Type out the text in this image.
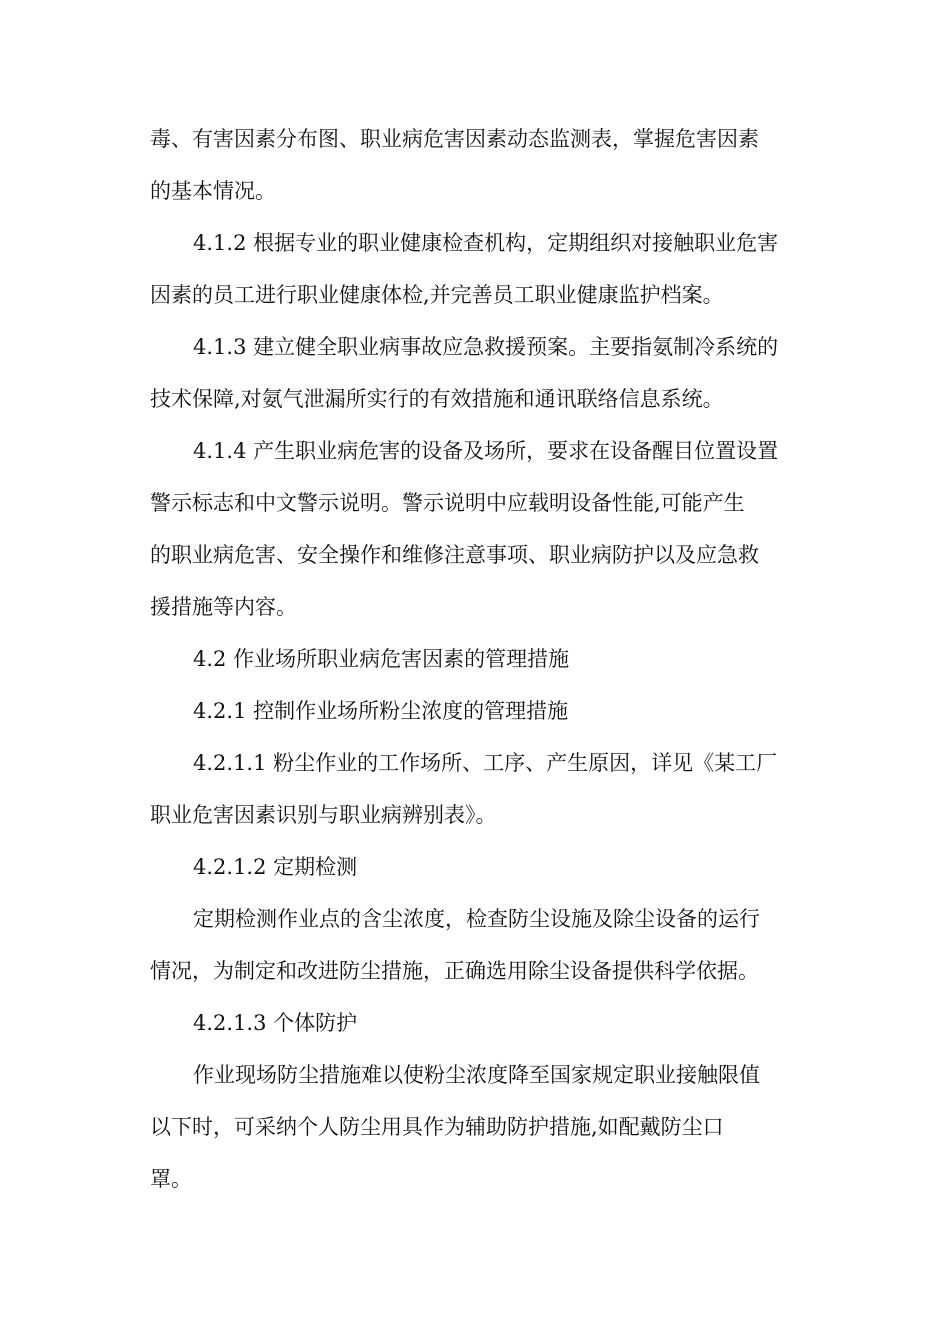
毒、有害因素分布图、职业病危害因素动态监测表，掌握危害因素
的基本情况。
4.1.2 根据专业的职业健康检查机构，定期组织对接触职业危害
因素的员工进行职业健康体检,并完善员工职业健康监护档案。
4.1.3 建立健全职业病事故应急救援预案。主要指氨制冷系统的
技术保障,对氨气泄漏所实行的有效措施和通讯联络信息系统。
4.1.4 产生职业病危害的设备及场所，要求在设备醒目位置设置
警示标志和中文警示说明。警示说明中应载明设备性能,可能产生
的职业病危害、安全操作和维修注意事项、职业病防护以及应急救
援措施等内容。
4.2 作业场所职业病危害因素的管理措施
4.2.1 控制作业场所粉尘浓度的管理措施
4.2.1.1 粉尘作业的工作场所、工序、产生原因，详见《某工厂
职业危害因素识别与职业病辨别表》。
4.2.1.2 定期检测
定期检测作业点的含尘浓度，检查防尘设施及除尘设备的运行
情况，为制定和改进防尘措施，正确选用除尘设备提供科学依据。
4.2.1.3 个体防护
作业现场防尘措施难以使粉尘浓度降至国家规定职业接触限值
以下时，可采纳个人防尘用具作为辅助防护措施,如配戴防尘口
罩。
